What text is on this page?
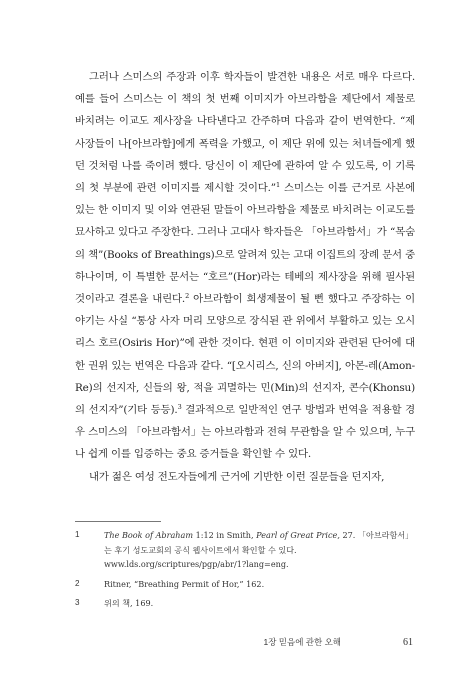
그러나 스미스의 주장과 이후 학자들이 발견한 내용은 서로 매우 다르다. 예를 들어 스미스는 이 책의 첫 번째 이미지가 아브라함을 제단에서 제물로 바치려는 이교도 제사장을 나타낸다고 간주하며 다음과 같이 번역한다. “제사장들이 나[아브라함]에게 폭력을 가했고, 이 제단 위에 있는 처녀들에게 했던 것처럼 나를 죽이려 했다. 당신이 이 제단에 관하여 알 수 있도록, 이 기록의 첫 부분에 관련 이미지를 제시할 것이다.”$^1$ 스미스는 이를 근거로 사본에 있는 한 이미지 및 이와 연관된 말들이 아브라함을 제물로 바치려는 이교도를 묘사하고 있다고 주장한다. 그러나 고대사 학자들은 「아브라함서」가 “목숨의 책”(Books of Breathings)으로 알려져 있는 고대 이집트의 장례 문서 중 하나이며, 이 특별한 문서는 “호르”(Hor)라는 테베의 제사장을 위해 필사된 것이라고 결론을 내린다.$^2$ 아브라함이 희생제물이 될 뻔 했다고 주장하는 이야기는 사실 “통상 사자 머리 모양으로 장식된 관 위에서 부활하고 있는 오시리스 호르(Osiris Hor)”에 관한 것이다. 현편 이 이미지와 관련된 단어에 대한 권위 있는 번역은 다음과 같다. “[오시리스, 신의 아버지], 아몬-레(Amon-Re)의 선지자, 신들의 왕, 적을 괴멸하는 민(Min)의 선지자, 콘수(Khonsu)의 선지자”(기타 등등).$^3$ 결과적으로 일반적인 연구 방법과 번역을 적용할 경우 스미스의 「아브라함서」는 아브라함과 전혀 무관함을 알 수 있으며, 누구나 쉽게 이를 입증하는 중요 증거들을 확인할 수 있다.

내가 젊은 여성 전도자들에게 근거에 기반한 이런 질문들을 던지자,

1	The Book of Abraham 1:12 in Smith, Pearl of Great Price, 27. 「아브라함서」는 후기 성도교회의 공식 웹사이트에서 확인할 수 있다. www.lds.org/scriptures/pgp/abr/1?lang=eng.
2	Ritner, “Breathing Permit of Hor,” 162.
3	위의 책, 169.
1장 믿음에 관한 오해	61
